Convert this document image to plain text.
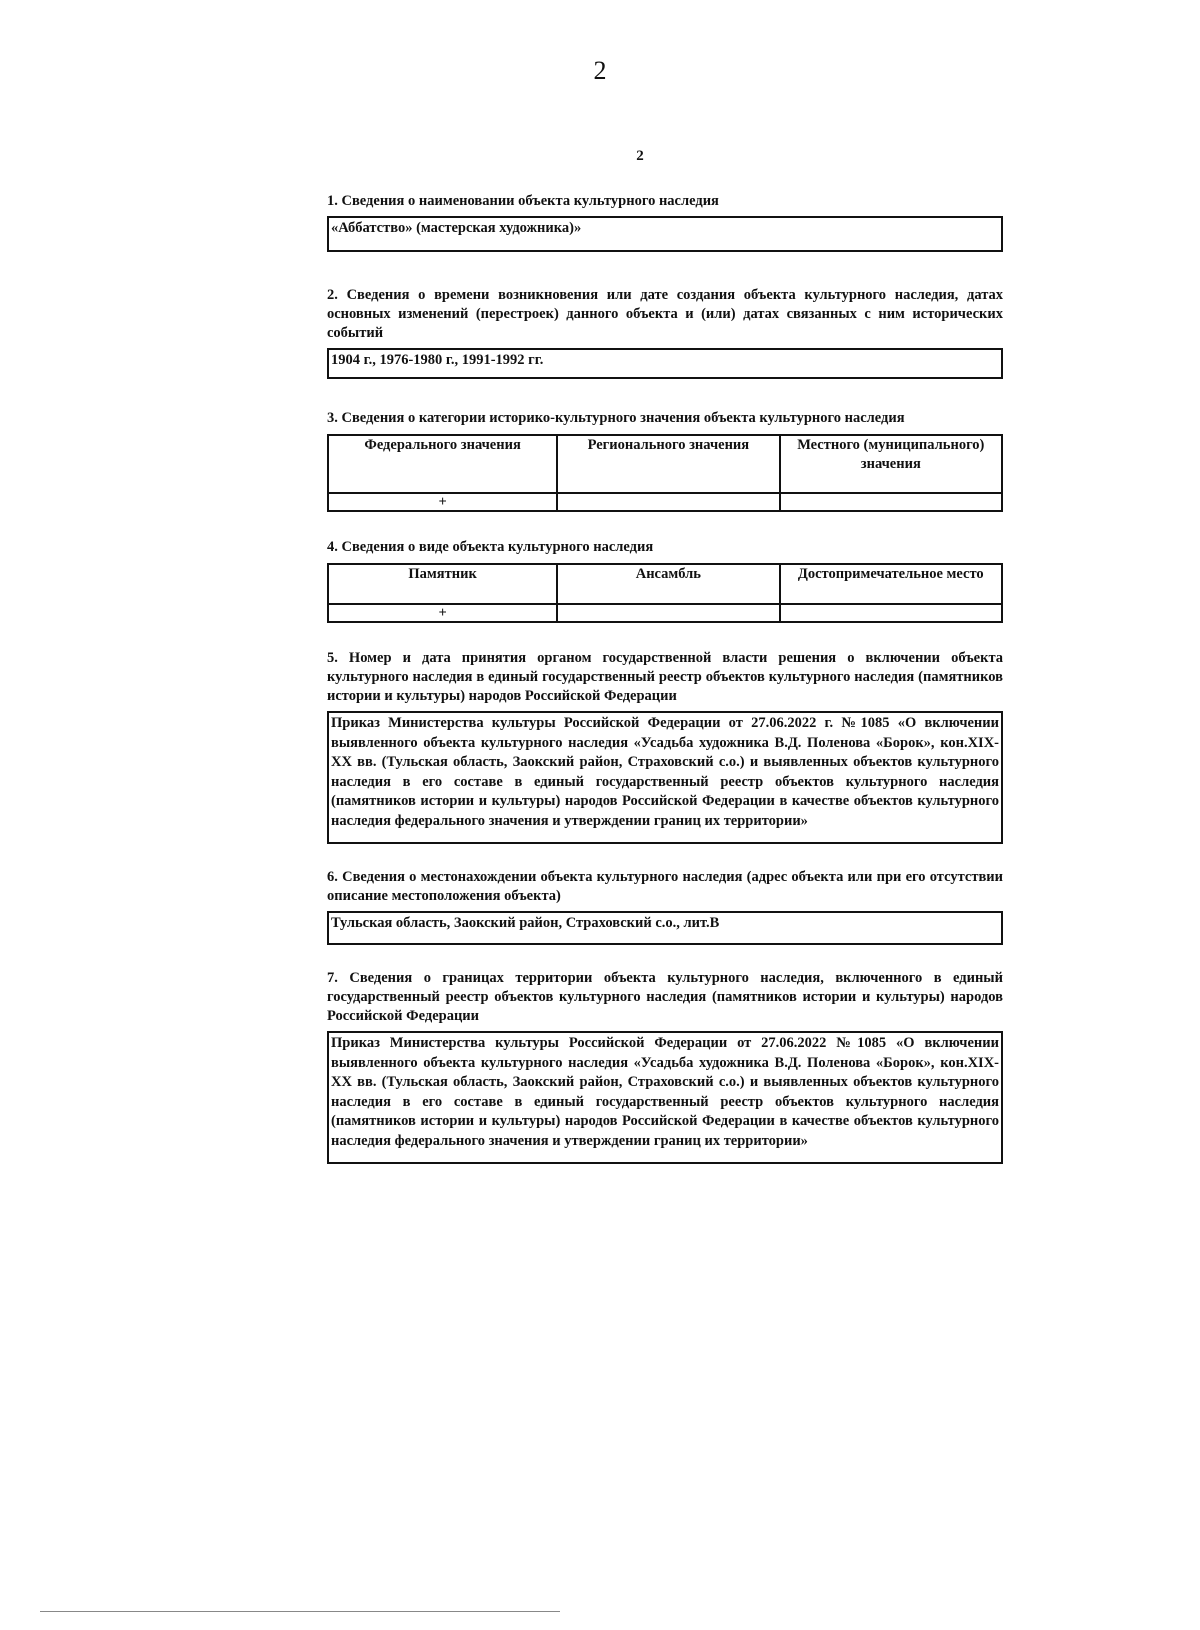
2
2

1. Сведения о наименовании объекта культурного наследия

«Аббатство» (мастерская художника)»

2. Сведения о времени возникновения или дате создания объекта культурного наследия, датах основных изменений (перестроек) данного объекта и (или) датах связанных с ним исторических событий

1904 г., 1976-1980 г., 1991-1992 гг.

3. Сведения о категории историко-культурного значения объекта культурного наследия

Федерального значения	Регионального значения	Местного (муниципального) значения
+		

4. Сведения о виде объекта культурного наследия

Памятник	Ансамбль	Достопримечательное место
+		

5. Номер и дата принятия органом государственной власти решения о включении объекта культурного наследия в единый государственный реестр объектов культурного наследия (памятников истории и культуры) народов Российской Федерации

Приказ Министерства культуры Российской Федерации от 27.06.2022 г. №1085 «О включении выявленного объекта культурного наследия «Усадьба художника В.Д. Поленова «Борок», кон.XIX-XX вв. (Тульская область, Заокский район, Страховский с.о.) и выявленных объектов культурного наследия в его составе в единый государственный реестр объектов культурного наследия (памятников истории и культуры) народов Российской Федерации в качестве объектов культурного наследия федерального значения и утверждении границ их территории»

6. Сведения о местонахождении объекта культурного наследия (адрес объекта или при его отсутствии описание местоположения объекта)

Тульская область, Заокский район, Страховский с.о., лит.В

7. Сведения о границах территории объекта культурного наследия, включенного в единый государственный реестр объектов культурного наследия (памятников истории и культуры) народов Российской Федерации

Приказ Министерства культуры Российской Федерации от 27.06.2022 №1085 «О включении выявленного объекта культурного наследия «Усадьба художника В.Д. Поленова «Борок», кон.XIX-XX вв. (Тульская область, Заокский район, Страховский с.о.) и выявленных объектов культурного наследия в его составе в единый государственный реестр объектов культурного наследия (памятников истории и культуры) народов Российской Федерации в качестве объектов культурного наследия федерального значения и утверждении границ их территории»
